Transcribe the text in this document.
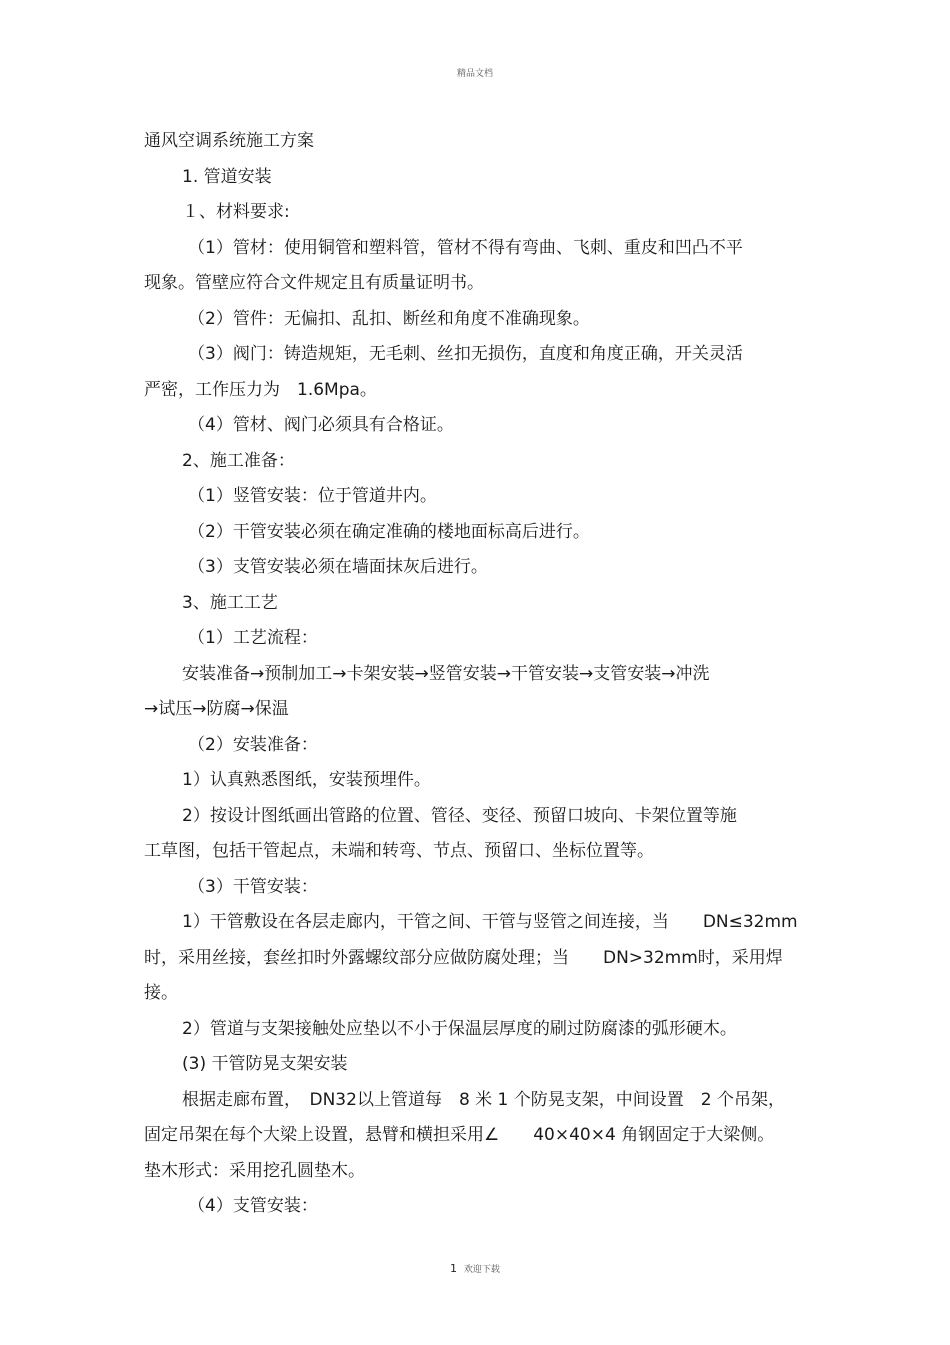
精品文档
通风空调系统施工方案
1. 管道安装
１、材料要求:
（1）管材：使用铜管和塑料管，管材不得有弯曲、飞刺、重皮和凹凸不平
现象。管壁应符合文件规定且有质量证明书。
（2）管件：无偏扣、乱扣、断丝和角度不准确现象。
（3）阀门：铸造规矩，无毛刺、丝扣无损伤，直度和角度正确，开关灵活
严密，工作压力为　1.6Mpa。
（4）管材、阀门必须具有合格证。
2、施工准备：
（1）竖管安装：位于管道井内。
（2）干管安装必须在确定准确的楼地面标高后进行。
（3）支管安装必须在墙面抹灰后进行。
3、施工工艺
（1）工艺流程：
安装准备→预制加工→卡架安装→竖管安装→干管安装→支管安装→冲洗
→试压→防腐→保温
（2）安装准备：
1）认真熟悉图纸，安装预埋件。
2）按设计图纸画出管路的位置、管径、变径、预留口坡向、卡架位置等施
工草图，包括干管起点，未端和转弯、节点、预留口、坐标位置等。
（3）干管安装：
1）干管敷设在各层走廊内，干管之间、干管与竖管之间连接，当　　DN≤32mm
时，采用丝接，套丝扣时外露螺纹部分应做防腐处理；当　　DN>32mm时，采用焊
接。
2）管道与支架接触处应垫以不小于保温层厚度的刷过防腐漆的弧形硬木。
(3) 干管防晃支架安装
根据走廊布置，　DN32以上管道每　8 米 1 个防晃支架，中间设置　2 个吊架，
固定吊架在每个大梁上设置，悬臂和横担采用∠　　40×40×4 角钢固定于大梁侧。
垫木形式：采用挖孔圆垫木。
（4）支管安装：
1 欢迎下载
